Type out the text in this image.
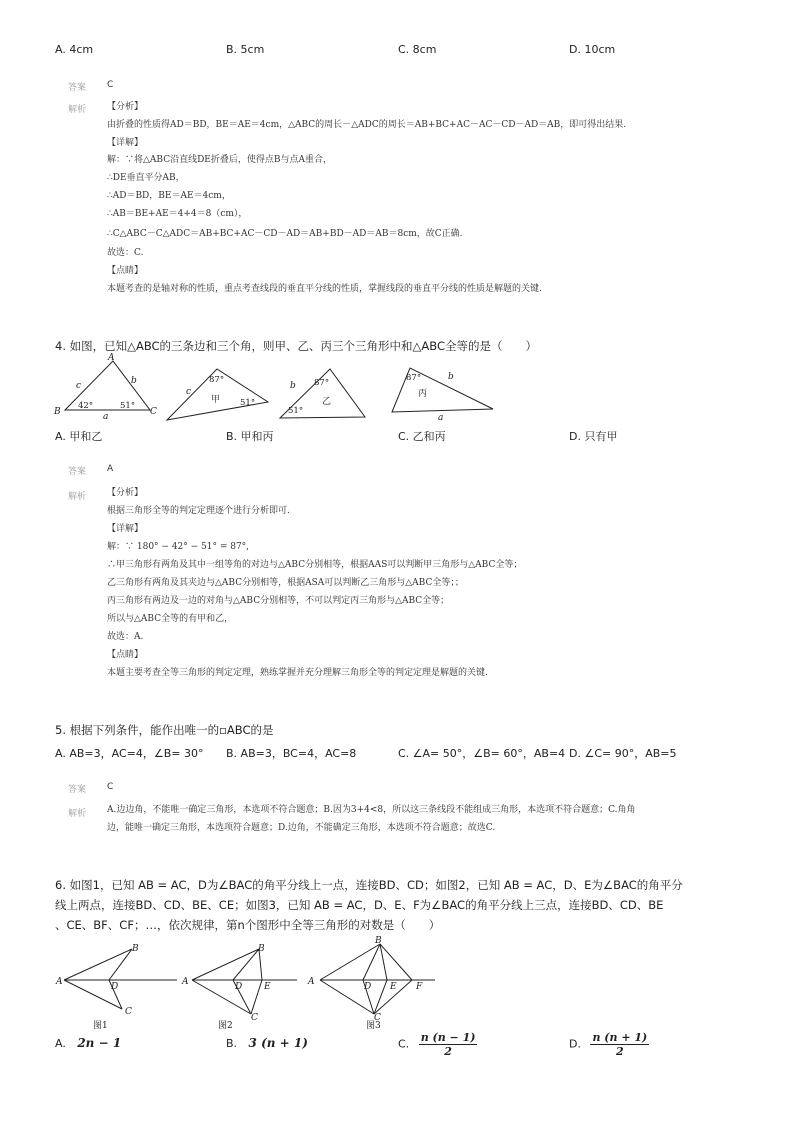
A. 4cm	B. 5cm	C. 8cm	D. 10cm
答案 C
解析 【分析】
由折叠的性质得AD＝BD，BE＝AE＝4cm，△ABC的周长－△ADC的周长＝AB+BC+AC－AC－CD－AD＝AB，即可得出结果.
【详解】
解：∵将△ABC沿直线DE折叠后，使得点B与点A重合，
∴DE垂直平分AB，
∴AD＝BD，BE＝AE＝4cm，
∴AB＝BE+AE＝4+4＝8（cm），
∴C△ABC－C△ADC＝AB+BC+AC－CD－AD＝AB+BD－AD＝AB＝8cm，故C正确.
故选：C.
【点睛】
本题考查的是轴对称的性质，重点考查线段的垂直平分线的性质，掌握线段的垂直平分线的性质是解题的关键.
4. 如图，已知△ABC的三条边和三个角，则甲、乙、丙三个三角形中和△ABC全等的是（　　）
A
B	C
c	b
a
c
b
b
a
42°	51°
87°
51°
87°
51°
87°
甲	乙
丙
A. 甲和乙	B. 甲和丙	C. 乙和丙	D. 只有甲
答案 A
解析 【分析】
根据三角形全等的判定定理逐个进行分析即可.
【详解】
解：∵ 180° − 42° − 51° = 87°,
∴甲三角形有两角及其中一组等角的对边与△ABC分别相等，根据AAS可以判断甲三角形与△ABC全等；
乙三角形有两角及其夹边与△ABC分别相等，根据ASA可以判断乙三角形与△ABC全等；；
丙三角形有两边及一边的对角与△ABC分别相等，不可以判定丙三角形与△ABC全等；
所以与△ABC全等的有甲和乙，
故选：A.
【点睛】
本题主要考查全等三角形的判定定理，熟练掌握并充分理解三角形全等的判定定理是解题的关键.
5. 根据下列条件，能作出唯一的▫ABC的是
A. AB=3，AC=4，∠B= 30° B. AB=3，BC=4，AC=8	C. ∠A= 50°，∠B= 60°，AB=4 D. ∠C= 90°，AB=5
答案 C
解析 A.边边角，不能唯一确定三角形，本选项不符合题意；B.因为3+4<8，所以这三条线段不能组成三角形，本选项不符合题意；C.角角
边，能唯一确定三角形，本选项符合题意；D.边角，不能确定三角形，本选项不符合题意；故选C.
6. 如图1，已知 AB = AC，D为∠BAC的角平分线上一点，连接BD、CD；如图2，已知 AB = AC，D、E为∠BAC的角平分
线上两点，连接BD、CD、BE、CE；如图3，已知 AB = AC，D、E、F为∠BAC的角平分线上三点，连接BD、CD、BE
、CE、BF、CF；…，依次规律，第n个图形中全等三角形的对数是（　　）
A
B
D
C
A
B
D E
C
A
B
D E F
C
图1	图2	图3
A. 2n − 1	B. 3 (n + 1)	C. $\frac{n (n - 1)}{2}$	D. $\frac{n (n + 1)}{2}$
